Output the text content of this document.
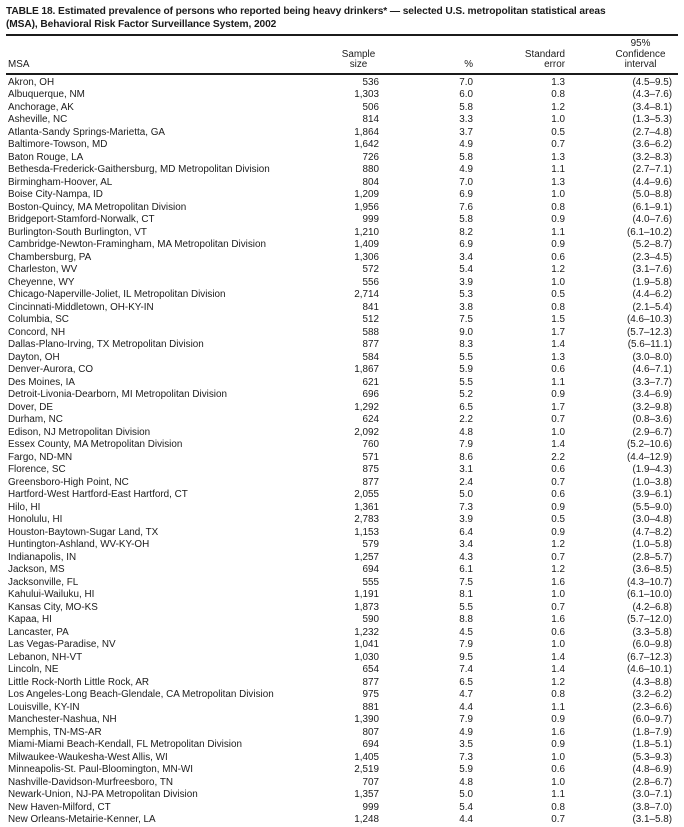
TABLE 18. Estimated prevalence of persons who reported being heavy drinkers* — selected U.S. metropolitan statistical areas
(MSA), Behavioral Risk Factor Surveillance System, 2002
MSA	
Sample
size	%	
Standard
error

95% Confidence
interval

Akron, OH	536	7.0	1.3	(4.5–9.5)
Albuquerque, NM	1,303	6.0	0.8	(4.3–7.6)
Anchorage, AK	506	5.8	1.2	(3.4–8.1)
Asheville, NC	814	3.3	1.0	(1.3–5.3)
Atlanta-Sandy Springs-Marietta, GA	1,864	3.7	0.5	(2.7–4.8)
Baltimore-Towson, MD	1,642	4.9	0.7	(3.6–6.2)
Baton Rouge, LA	726	5.8	1.3	(3.2–8.3)
Bethesda-Frederick-Gaithersburg, MD Metropolitan Division	880	4.9	1.1	(2.7–7.1)
Birmingham-Hoover, AL	804	7.0	1.3	(4.4–9.6)
Boise City-Nampa, ID	1,209	6.9	1.0	(5.0–8.8)
Boston-Quincy, MA Metropolitan Division	1,956	7.6	0.8	(6.1–9.1)
Bridgeport-Stamford-Norwalk, CT	999	5.8	0.9	(4.0–7.6)
Burlington-South Burlington, VT	1,210	8.2	1.1	(6.1–10.2)
Cambridge-Newton-Framingham, MA Metropolitan Division	1,409	6.9	0.9	(5.2–8.7)
Chambersburg, PA	1,306	3.4	0.6	(2.3–4.5)
Charleston, WV	572	5.4	1.2	(3.1–7.6)
Cheyenne, WY	556	3.9	1.0	(1.9–5.8)
Chicago-Naperville-Joliet, IL Metropolitan Division	2,714	5.3	0.5	(4.4–6.2)
Cincinnati-Middletown, OH-KY-IN	841	3.8	0.8	(2.1–5.4)
Columbia, SC	512	7.5	1.5	(4.6–10.3)
Concord, NH	588	9.0	1.7	(5.7–12.3)
Dallas-Plano-Irving, TX Metropolitan Division	877	8.3	1.4	(5.6–11.1)
Dayton, OH	584	5.5	1.3	(3.0–8.0)
Denver-Aurora, CO	1,867	5.9	0.6	(4.6–7.1)
Des Moines, IA	621	5.5	1.1	(3.3–7.7)
Detroit-Livonia-Dearborn, MI Metropolitan Division	696	5.2	0.9	(3.4–6.9)
Dover, DE	1,292	6.5	1.7	(3.2–9.8)
Durham, NC	624	2.2	0.7	(0.8–3.6)
Edison, NJ Metropolitan Division	2,092	4.8	1.0	(2.9–6.7)
Essex County, MA Metropolitan Division	760	7.9	1.4	(5.2–10.6)
Fargo, ND-MN	571	8.6	2.2	(4.4–12.9)
Florence, SC	875	3.1	0.6	(1.9–4.3)
Greensboro-High Point, NC	877	2.4	0.7	(1.0–3.8)
Hartford-West Hartford-East Hartford, CT	2,055	5.0	0.6	(3.9–6.1)
Hilo, HI	1,361	7.3	0.9	(5.5–9.0)
Honolulu, HI	2,783	3.9	0.5	(3.0–4.8)
Houston-Baytown-Sugar Land, TX	1,153	6.4	0.9	(4.7–8.2)
Huntington-Ashland, WV-KY-OH	579	3.4	1.2	(1.0–5.8)
Indianapolis, IN	1,257	4.3	0.7	(2.8–5.7)
Jackson, MS	694	6.1	1.2	(3.6–8.5)
Jacksonville, FL	555	7.5	1.6	(4.3–10.7)
Kahului-Wailuku, HI	1,191	8.1	1.0	(6.1–10.0)
Kansas City, MO-KS	1,873	5.5	0.7	(4.2–6.8)
Kapaa, HI	590	8.8	1.6	(5.7–12.0)
Lancaster, PA	1,232	4.5	0.6	(3.3–5.8)
Las Vegas-Paradise, NV	1,041	7.9	1.0	(6.0–9.8)
Lebanon, NH-VT	1,030	9.5	1.4	(6.7–12.3)
Lincoln, NE	654	7.4	1.4	(4.6–10.1)
Little Rock-North Little Rock, AR	877	6.5	1.2	(4.3–8.8)
Los Angeles-Long Beach-Glendale, CA Metropolitan Division	975	4.7	0.8	(3.2–6.2)
Louisville, KY-IN	881	4.4	1.1	(2.3–6.6)
Manchester-Nashua, NH	1,390	7.9	0.9	(6.0–9.7)
Memphis, TN-MS-AR	807	4.9	1.6	(1.8–7.9)
Miami-Miami Beach-Kendall, FL Metropolitan Division	694	3.5	0.9	(1.8–5.1)
Milwaukee-Waukesha-West Allis, WI	1,405	7.3	1.0	(5.3–9.3)
Minneapolis-St. Paul-Bloomington, MN-WI	2,519	5.9	0.6	(4.8–6.9)
Nashville-Davidson-Murfreesboro, TN	707	4.8	1.0	(2.8–6.7)
Newark-Union, NJ-PA Metropolitan Division	1,357	5.0	1.1	(3.0–7.1)
New Haven-Milford, CT	999	5.4	0.8	(3.8–7.0)
New Orleans-Metairie-Kenner, LA	1,248	4.4	0.7	(3.1–5.8)
